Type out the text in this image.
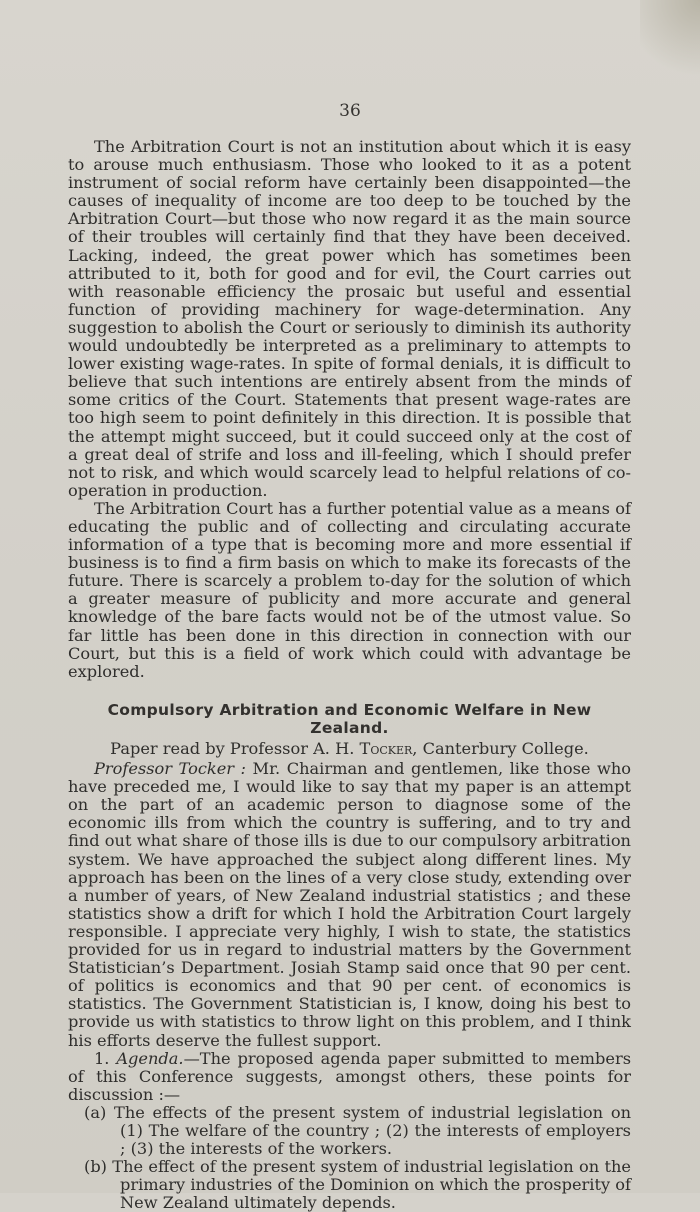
36

The Arbitration Court is not an institution about which it is easy to arouse much enthusiasm. Those who looked to it as a potent instrument of social reform have certainly been disappointed—the causes of inequality of income are too deep to be touched by the Arbitration Court—but those who now regard it as the main source of their troubles will certainly find that they have been deceived. Lacking, indeed, the great power which has sometimes been attributed to it, both for good and for evil, the Court carries out with reasonable efficiency the prosaic but useful and essential function of providing machinery for wage-determination. Any suggestion to abolish the Court or seriously to diminish its authority would undoubtedly be interpreted as a preliminary to attempts to lower existing wage-rates. In spite of formal denials, it is difficult to believe that such intentions are entirely absent from the minds of some critics of the Court. Statements that present wage-rates are too high seem to point definitely in this direction. It is possible that the attempt might succeed, but it could succeed only at the cost of a great deal of strife and loss and ill-feeling, which I should prefer not to risk, and which would scarcely lead to helpful relations of co-operation in production.

The Arbitration Court has a further potential value as a means of educating the public and of collecting and circulating accurate information of a type that is becoming more and more essential if business is to find a firm basis on which to make its forecasts of the future. There is scarcely a problem to-day for the solution of which a greater measure of publicity and more accurate and general knowledge of the bare facts would not be of the utmost value. So far little has been done in this direction in connection with our Court, but this is a field of work which could with advantage be explored.

Compulsory Arbitration and Economic Welfare in New Zealand.

Paper read by Professor A. H. Tocker, Canterbury College.

Professor Tocker : Mr. Chairman and gentlemen, like those who have preceded me, I would like to say that my paper is an attempt on the part of an academic person to diagnose some of the economic ills from which the country is suffering, and to try and find out what share of those ills is due to our compulsory arbitration system. We have approached the subject along different lines. My approach has been on the lines of a very close study, extending over a number of years, of New Zealand industrial statistics ; and these statistics show a drift for which I hold the Arbitration Court largely responsible. I appreciate very highly, I wish to state, the statistics provided for us in regard to industrial matters by the Government Statistician’s Department. Josiah Stamp said once that 90 per cent. of politics is economics and that 90 per cent. of economics is statistics. The Government Statistician is, I know, doing his best to provide us with statistics to throw light on this problem, and I think his efforts deserve the fullest support.

1. Agenda.—The proposed agenda paper submitted to members of this Conference suggests, amongst others, these points for discussion :—

(a) The effects of the present system of industrial legislation on (1) The welfare of the country ; (2) the interests of employers ; (3) the interests of the workers.

(b) The effect of the present system of industrial legislation on the primary industries of the Dominion on which the prosperity of New Zealand ultimately depends.
